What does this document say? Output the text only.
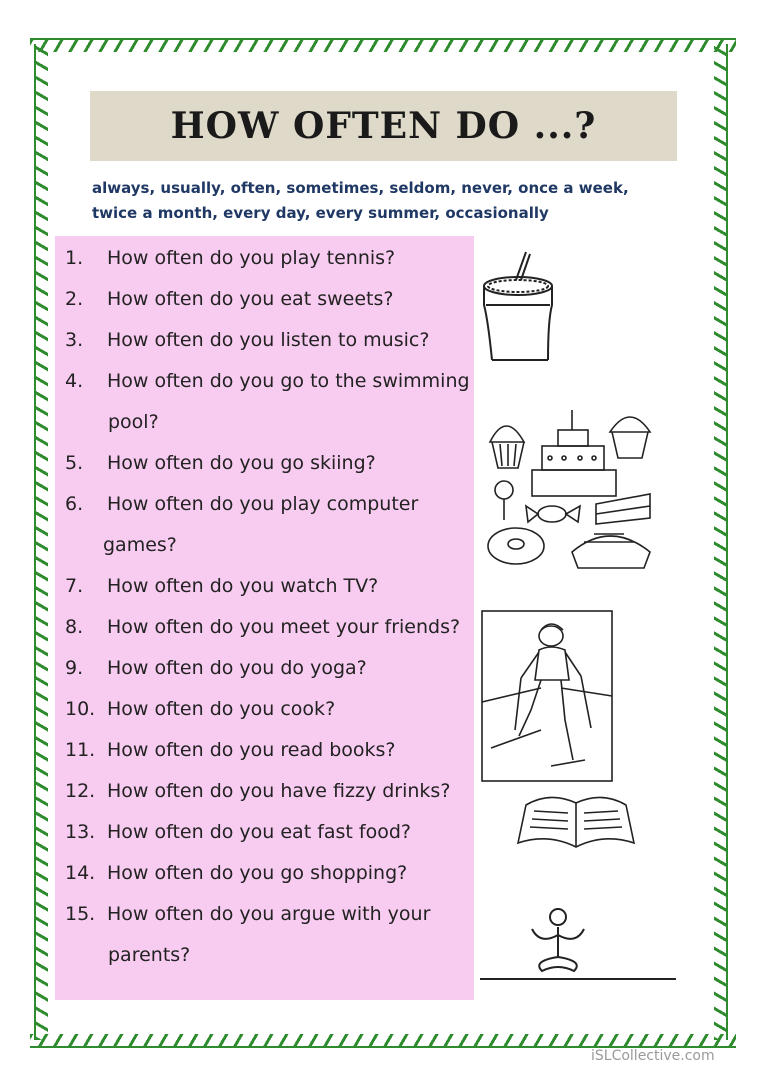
HOW OFTEN DO ...?
always, usually, often, sometimes, seldom, never, once a week,
twice a month, every day, every summer, occasionally
1.	How often do you play tennis?
2.	How often do you eat sweets?
3.	How often do you listen to music?
4.	How often do you go to the swimming
pool?
5.	How often do you go skiing?
6.	How often do you play computer
games?
7.	How often do you watch TV?
8.	How often do you meet your friends?
9.	How often do you do yoga?
10. How often do you cook?
11. How often do you read books?
12. How often do you have fizzy drinks?
13. How often do you eat fast food?
14. How often do you go shopping?
15. How often do you argue with your
parents?
iSLCollective.com
